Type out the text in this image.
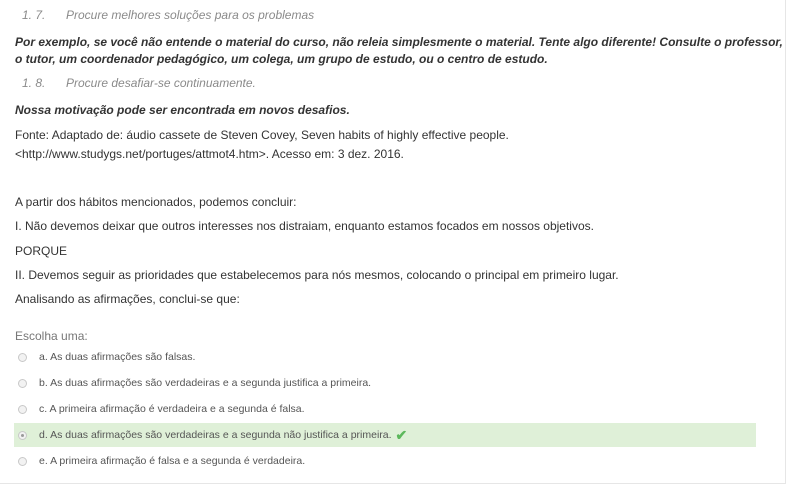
1. 7. Procure melhores soluções para os problemas
Por exemplo, se você não entende o material do curso, não releia simplesmente o material. Tente algo diferente! Consulte o professor,
o tutor, um coordenador pedagógico, um colega, um grupo de estudo, ou o centro de estudo.
1. 8. Procure desafiar-se continuamente.
Nossa motivação pode ser encontrada em novos desafios.
Fonte: Adaptado de: áudio cassete de Steven Covey, Seven habits of highly effective people.
<http://www.studygs.net/portuges/attmot4.htm>. Acesso em: 3 dez. 2016.
A partir dos hábitos mencionados, podemos concluir:
I. Não devemos deixar que outros interesses nos distraiam, enquanto estamos focados em nossos objetivos.
PORQUE
II. Devemos seguir as prioridades que estabelecemos para nós mesmos, colocando o principal em primeiro lugar.
Analisando as afirmações, conclui-se que:
Escolha uma:
a. As duas afirmações são falsas.
b. As duas afirmações são verdadeiras e a segunda justifica a primeira.
c. A primeira afirmação é verdadeira e a segunda é falsa.
d. As duas afirmações são verdadeiras e a segunda não justifica a primeira. ✔
e. A primeira afirmação é falsa e a segunda é verdadeira.
